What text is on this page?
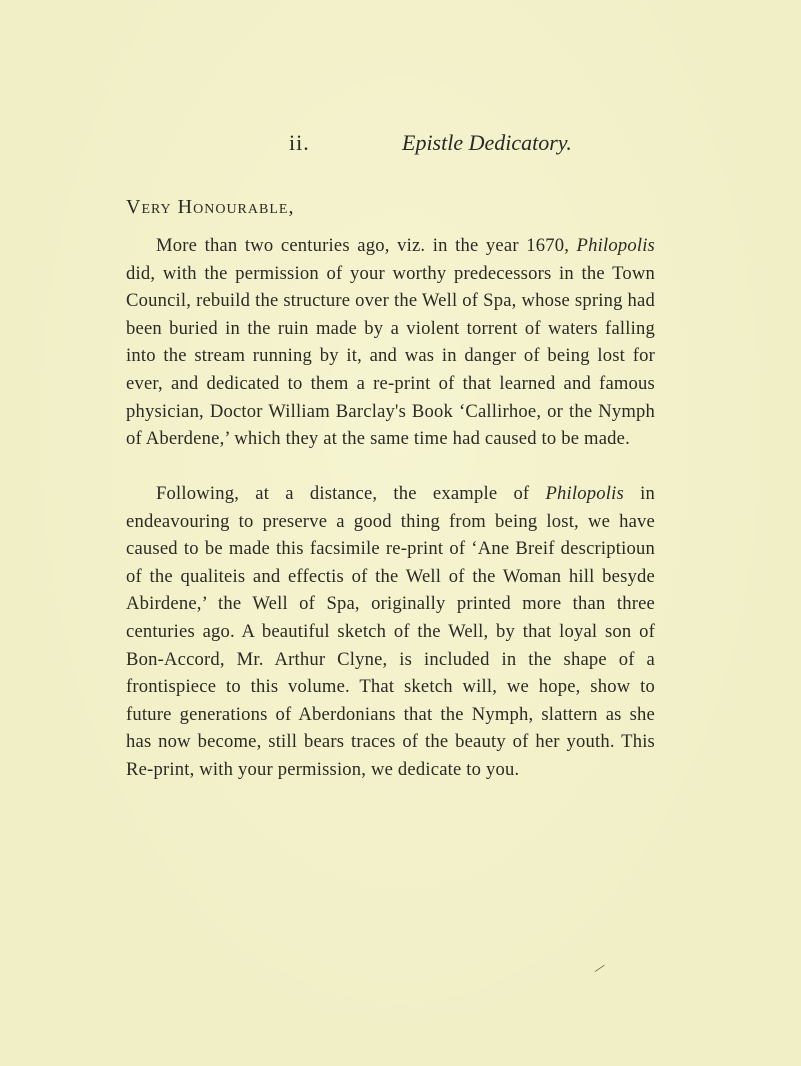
ii.	Epistle Dedicatory.
Very Honourable,

More than two centuries ago, viz. in the year 1670, Philopolis did, with the permission of your worthy predecessors in the Town Council, rebuild the structure over the Well of Spa, whose spring had been buried in the ruin made by a violent torrent of waters falling into the stream running by it, and was in danger of being lost for ever, and dedicated to them a re-print of that learned and famous physician, Doctor William Barclay's Book ‘Callirhoe, or the Nymph of Aberdene,’ which they at the same time had caused to be made.

Following, at a distance, the example of Philopolis in endeavouring to preserve a good thing from being lost, we have caused to be made this facsimile re-print of ‘Ane Breif descriptioun of the qualiteis and effectis of the Well of the Woman hill besyde Abirdene,’ the Well of Spa, originally printed more than three centuries ago. A beautiful sketch of the Well, by that loyal son of Bon-Accord, Mr. Arthur Clyne, is included in the shape of a frontispiece to this volume. That sketch will, we hope, show to future generations of Aberdonians that the Nymph, slattern as she has now become, still bears traces of the beauty of her youth. This Re-print, with your permission, we dedicate to you.

⁄
